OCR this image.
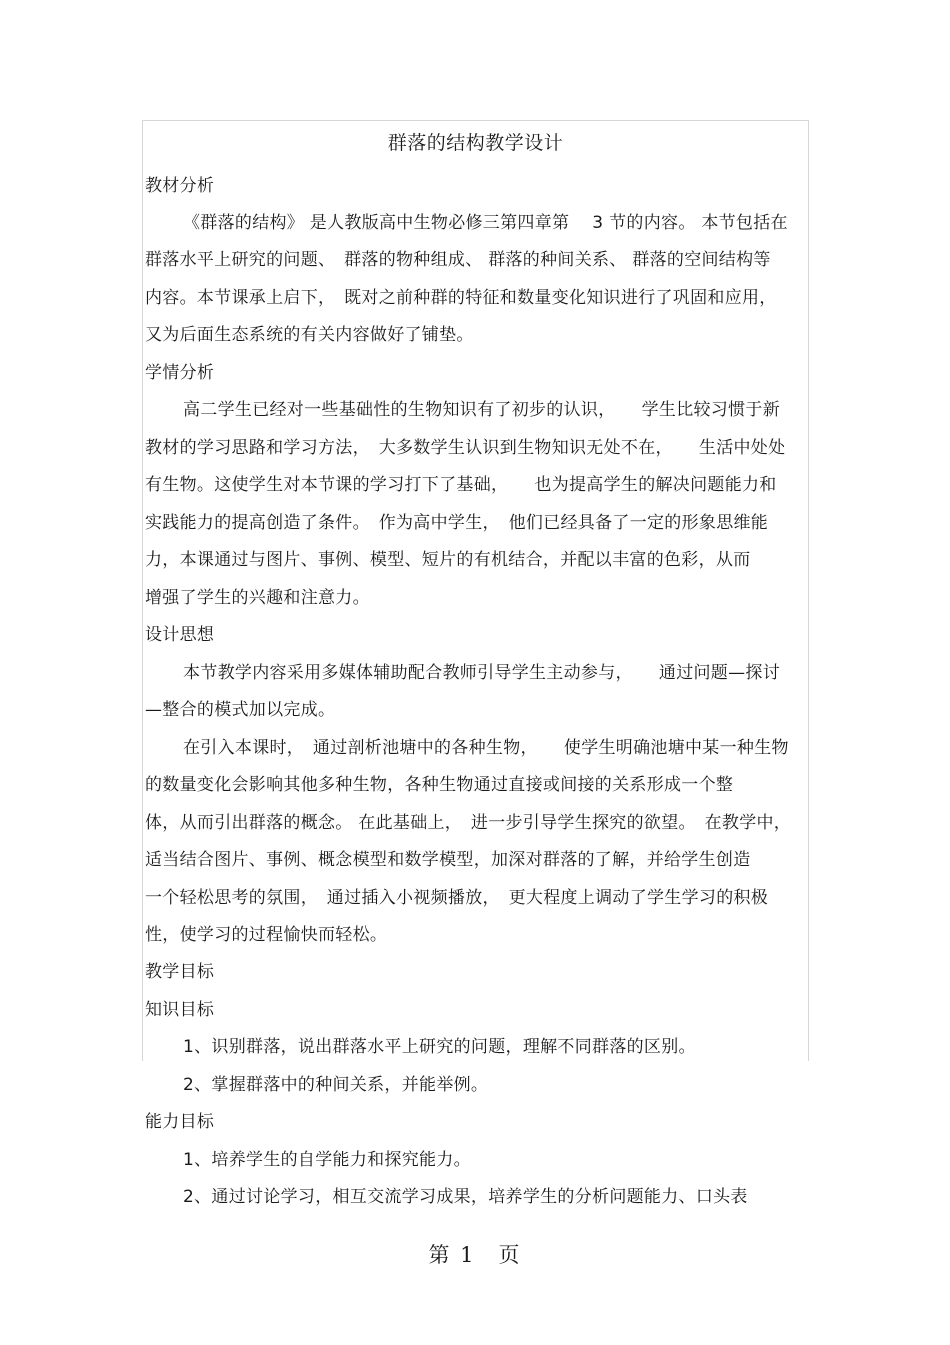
群落的结构教学设计
教材分析
《群落的结构》 是人教版高中生物必修三第四章第　 3 节的内容。 本节包括在
群落水平上研究的问题、　群落的物种组成、 群落的种间关系、 群落的空间结构等
内容。本节课承上启下，　既对之前种群的特征和数量变化知识进行了巩固和应用，
又为后面生态系统的有关内容做好了铺垫。
学情分析
高二学生已经对一些基础性的生物知识有了初步的认识，　　学生比较习惯于新
教材的学习思路和学习方法，　大多数学生认识到生物知识无处不在，　　生活中处处
有生物。这使学生对本节课的学习打下了基础，　　也为提高学生的解决问题能力和
实践能力的提高创造了条件。　作为高中学生，　他们已经具备了一定的形象思维能
力，本课通过与图片、事例、模型、短片的有机结合，并配以丰富的色彩，从而
增强了学生的兴趣和注意力。
设计思想
本节教学内容采用多媒体辅助配合教师引导学生主动参与，　　通过问题—探讨
—整合的模式加以完成。
在引入本课时，　通过剖析池塘中的各种生物，　　使学生明确池塘中某一种生物
的数量变化会影响其他多种生物，各种生物通过直接或间接的关系形成一个整
体，从而引出群落的概念。 在此基础上，　进一步引导学生探究的欲望。　在教学中，
适当结合图片、事例、概念模型和数学模型，加深对群落的了解，并给学生创造
一个轻松思考的氛围，　通过插入小视频播放，　更大程度上调动了学生学习的积极
性，使学习的过程愉快而轻松。
教学目标
知识目标
1、识别群落，说出群落水平上研究的问题，理解不同群落的区别。
2、掌握群落中的种间关系，并能举例。
能力目标
1、培养学生的自学能力和探究能力。
2、通过讨论学习，相互交流学习成果，培养学生的分析问题能力、口头表
第 1　页
